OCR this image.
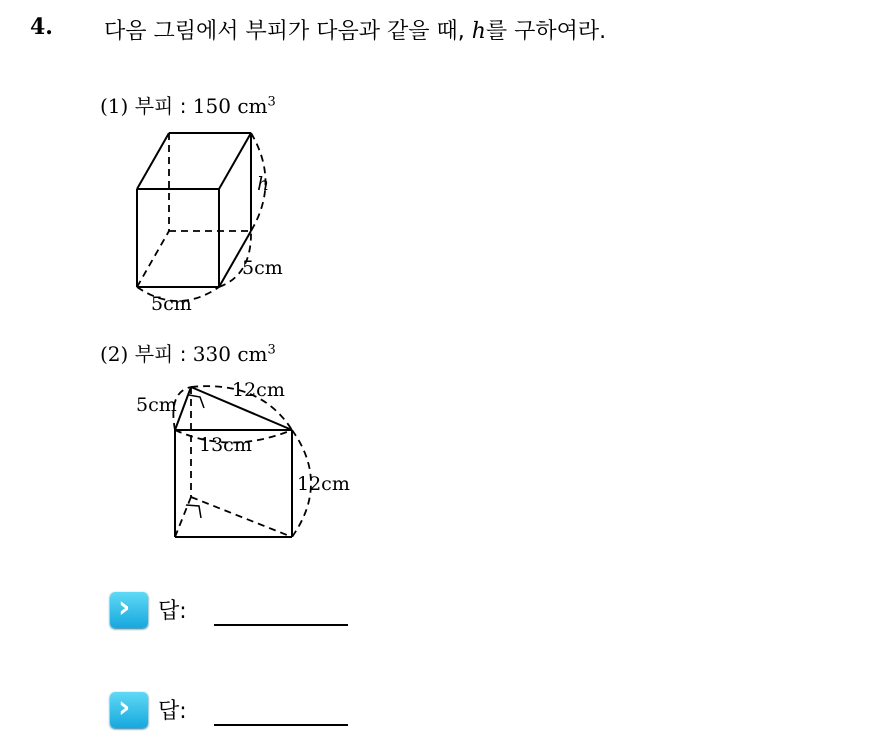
4. 다음 그림에서 부피가 다음과 같을 때, h를 구하여라.
(1) 부피 : 150 $cm^3$
(2) 부피 : 330 $cm^3$
h
5cm
5cm
5cm
12cm
13cm
12cm
› 답:
› 답:
